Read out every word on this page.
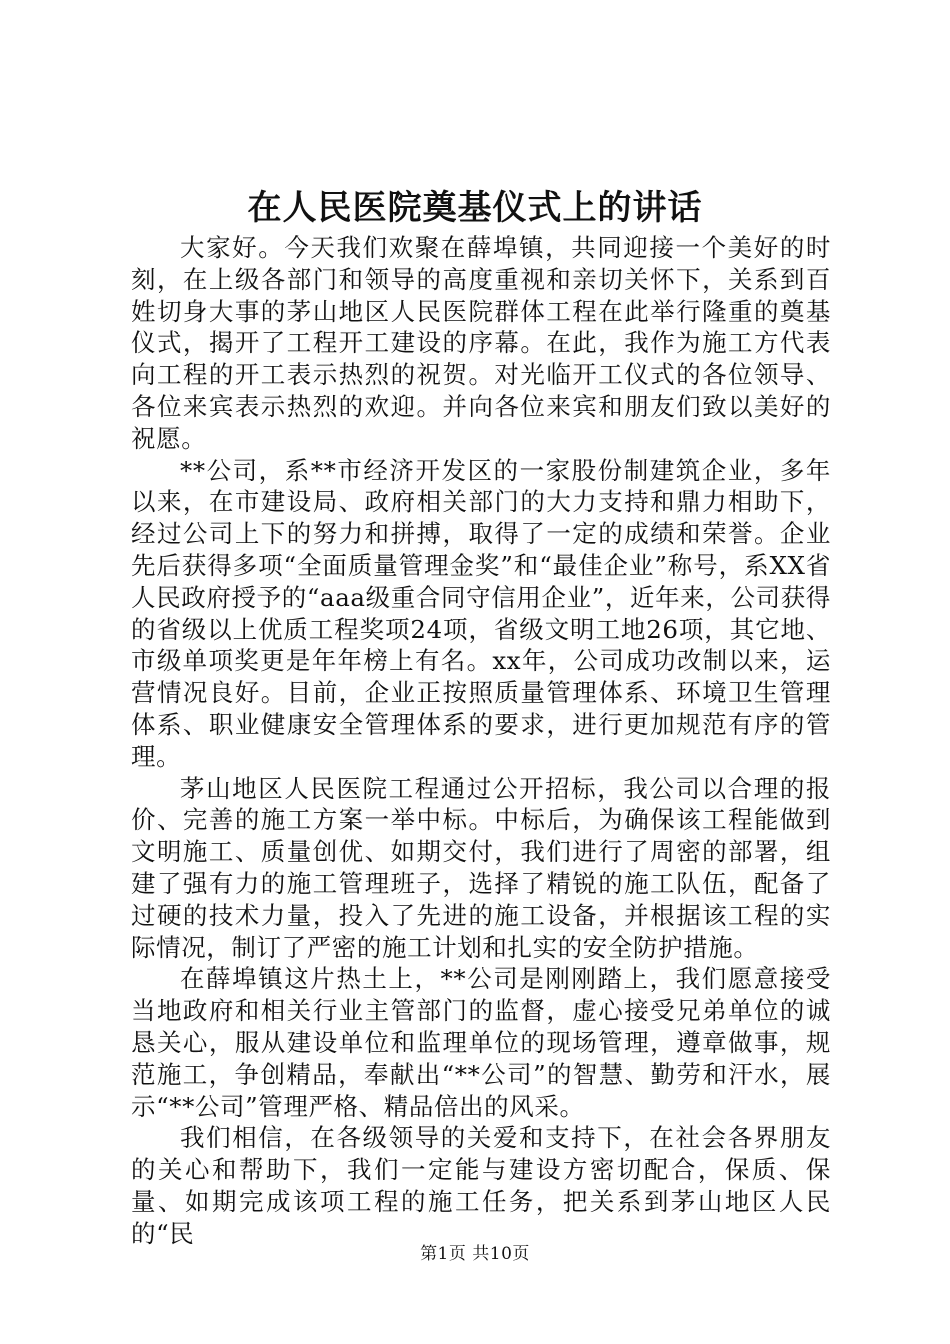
在人民医院奠基仪式上的讲话

大家好。今天我们欢聚在薛埠镇，共同迎接一个美好的时刻，在上级各部门和领导的高度重视和亲切关怀下，关系到百姓切身大事的茅山地区人民医院群体工程在此举行隆重的奠基仪式，揭开了工程开工建设的序幕。在此，我作为施工方代表向工程的开工表示热烈的祝贺。对光临开工仪式的各位领导、各位来宾表示热烈的欢迎。并向各位来宾和朋友们致以美好的祝愿。

**公司，系**市经济开发区的一家股份制建筑企业，多年以来，在市建设局、政府相关部门的大力支持和鼎力相助下，经过公司上下的努力和拼搏，取得了一定的成绩和荣誉。企业先后获得多项“全面质量管理金奖”和“最佳企业”称号，系XX省人民政府授予的“aaa级重合同守信用企业”，近年来，公司获得的省级以上优质工程奖项24项，省级文明工地26项，其它地、市级单项奖更是年年榜上有名。xx年，公司成功改制以来，运营情况良好。目前，企业正按照质量管理体系、环境卫生管理体系、职业健康安全管理体系的要求，进行更加规范有序的管理。

茅山地区人民医院工程通过公开招标，我公司以合理的报价、完善的施工方案一举中标。中标后，为确保该工程能做到文明施工、质量创优、如期交付，我们进行了周密的部署，组建了强有力的施工管理班子，选择了精锐的施工队伍，配备了过硬的技术力量，投入了先进的施工设备，并根据该工程的实际情况，制订了严密的施工计划和扎实的安全防护措施。

在薛埠镇这片热土上，**公司是刚刚踏上，我们愿意接受当地政府和相关行业主管部门的监督，虚心接受兄弟单位的诚恳关心，服从建设单位和监理单位的现场管理，遵章做事，规范施工，争创精品，奉献出“**公司”的智慧、勤劳和汗水，展示“**公司”管理严格、精品倍出的风采。

我们相信，在各级领导的关爱和支持下，在社会各界朋友的关心和帮助下，我们一定能与建设方密切配合，保质、保量、如期完成该项工程的施工任务，把关系到茅山地区人民的“民

第1页 共10页
